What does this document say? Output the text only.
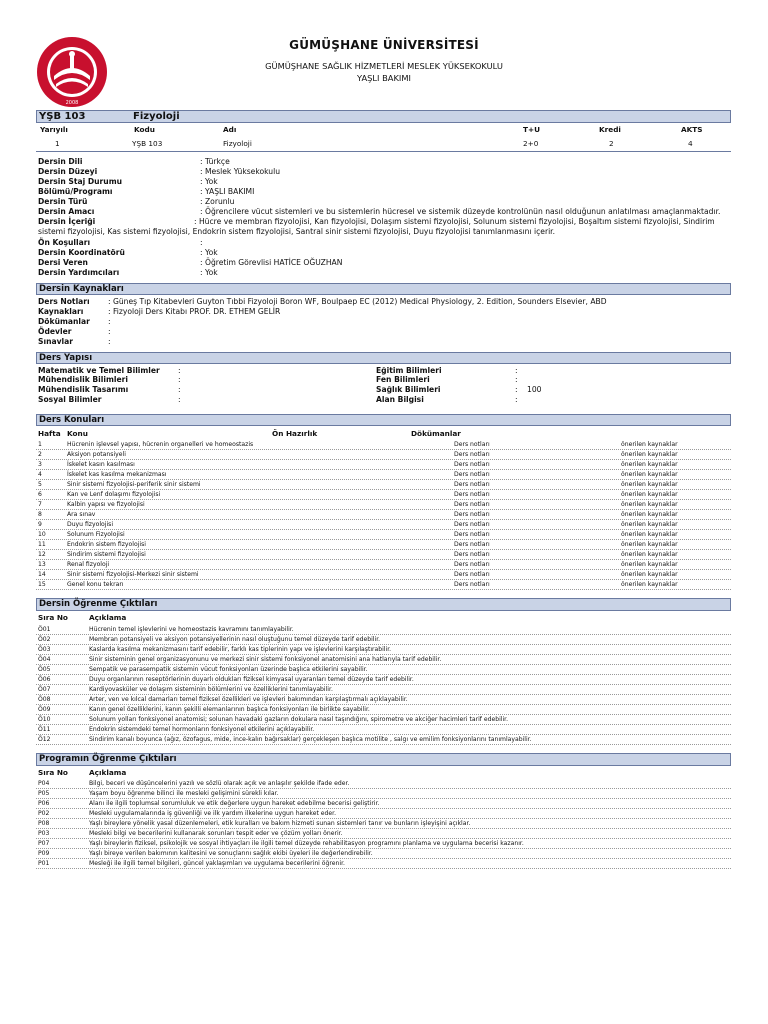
2008
GÜMÜŞHANE ÜNİVERSİTESİ
GÜMÜŞHANE SAĞLIK HİZMETLERİ MESLEK YÜKSEKOKULU
YAŞLI BAKIMI
YŞB 103	Fizyoloji
Yarıyılı	Kodu	Adı	T+U	Kredi	AKTS
1	YŞB 103	Fizyoloji	2+0	2	4
Dersin Dili	: Türkçe
Dersin Düzeyi	: Meslek Yüksekokulu
Dersin Staj Durumu	: Yok
Bölümü/Programı	: YAŞLI BAKIMI
Dersin Türü	: Zorunlu
Dersin Amacı	: Öğrencilere vücut sistemleri ve bu sistemlerin hücresel ve sistemik düzeyde kontrolünün nasıl olduğunun anlatılması amaçlanmaktadır.
Dersin İçeriği	: Hücre ve membran fizyolojisi, Kan fizyolojisi, Dolaşım sistemi fizyolojisi, Solunum sistemi fizyolojisi, Boşaltım sistemi fizyolojisi, Sindirim
sistemi fizyolojisi, Kas sistemi fizyolojisi, Endokrin sistem fizyolojisi, Santral sinir sistemi fizyolojisi, Duyu fizyolojisi tanımlanmasını içerir.
Ön Koşulları	:
Dersin Koordinatörü	: Yok
Dersi Veren	: Öğretim Görevlisi HATİCE OĞUZHAN
Dersin Yardımcıları	: Yok
Dersin Kaynakları
Ders Notları : Güneş Tıp Kitabevleri Guyton Tıbbi Fizyoloji Boron WF, Boulpaep EC (2012) Medical Physiology, 2. Edition, Sounders Elsevier, ABD
Kaynakları	: Fizyoloji Ders Kitabı PROF. DR. ETHEM GELİR
Dökümanlar :
Ödevler	:
Sınavlar	:
Ders Yapısı
Matematik ve Temel Bilimler :
Mühendislik Bilimleri	:
Mühendislik Tasarımı	:
Sosyal Bilimler	:
Eğitim Bilimleri	:
Fen Bilimleri	:
Sağlık Bilimleri	: 100
Alan Bilgisi	:
Ders Konuları
Hafta Konu	Ön Hazırlık	Dökümanlar
1	Hücrenin işlevsel yapısı, hücrenin organelleri ve homeostazis	Ders notları	önerilen kaynaklar
2	Aksiyon potansiyeli	Ders notları	önerilen kaynaklar
3	İskelet kasın kasılması	Ders notları	önerilen kaynaklar
4	İskelet kas kasılma mekanizması	Ders notları	önerilen kaynaklar
5	Sinir sistemi fizyolojisi-periferik sinir sistemi	Ders notları	önerilen kaynaklar
6	Kan ve Lenf dolaşımı fizyolojisi	Ders notları	önerilen kaynaklar
7	Kalbin yapısı ve fizyolojisi	Ders notları	önerilen kaynaklar
8	Ara sınav	Ders notları	önerilen kaynaklar
9	Duyu fizyolojisi	Ders notları	önerilen kaynaklar
10	Solunum Fizyolojisi	Ders notları	önerilen kaynaklar
11	Endokrin sistem fizyolojisi	Ders notları	önerilen kaynaklar
12	Sindirim sistemi fizyolojisi	Ders notları	önerilen kaynaklar
13	Renal fizyoloji	Ders notları	önerilen kaynaklar
14	Sinir sistemi fizyolojisi-Merkezi sinir sistemi	Ders notları	önerilen kaynaklar
15	Genel konu tekrarı	Ders notları	önerilen kaynaklar
Dersin Öğrenme Çıktıları
Sıra No	Açıklama
Ö01	Hücrenin temel işlevlerini ve homeostazis kavramını tanımlayabilir.
Ö02	Membran potansiyeli ve aksiyon potansiyellerinin nasıl oluştuğunu temel düzeyde tarif edebilir.
Ö03	Kaslarda kasılma mekanizmasını tarif edebilir, farklı kas tiplerinin yapı ve işlevlerini karşılaştırabilir.
Ö04	Sinir sisteminin genel organizasyonunu ve merkezi sinir sistemi fonksiyonel anatomisini ana hatlarıyla tarif edebilir.
Ö05	Sempatik ve parasempatik sistemin vücut fonksiyonları üzerinde başlıca etkilerini sayabilir.
Ö06	Duyu organlarının reseptörlerinin duyarlı oldukları fiziksel kimyasal uyaranları temel düzeyde tarif edebilir.
Ö07	Kardiyovasküler ve dolaşım sisteminin bölümlerini ve özelliklerini tanımlayabilir.
Ö08	Arter, ven ve kılcal damarları temel fiziksel özellikleri ve işlevleri bakımından karşılaştırmalı açıklayabilir.
Ö09	Kanın genel özelliklerini, kanın şekilli elemanlarının başlıca fonksiyonları ile birlikte sayabilir.
Ö10	Solunum yolları fonksiyonel anatomisi; solunan havadaki gazların dokulara nasıl taşındığını, spirometre ve akciğer hacimleri tarif edebilir.
Ö11	Endokrin sistemdeki temel hormonların fonksiyonel etkilerini açıklayabilir.
Ö12	Sindirim kanalı boyunca (ağız, özofagus, mide, ince-kalın bağırsaklar) gerçekleşen başlıca motilite , salgı ve emilim fonksiyonlarını tanımlayabilir.
Programın Öğrenme Çıktıları
Sıra No	Açıklama
P04	Bilgi, beceri ve düşüncelerini yazılı ve sözlü olarak açık ve anlaşılır şekilde ifade eder.
P05	Yaşam boyu öğrenme bilinci ile mesleki gelişimini sürekli kılar.
P06	Alanı ile ilgili toplumsal sorumluluk ve etik değerlere uygun hareket edebilme becerisi geliştirir.
P02	Mesleki uygulamalarında iş güvenliği ve ilk yardım ilkelerine uygun hareket eder.
P08	Yaşlı bireylere yönelik yasal düzenlemeleri, etik kuralları ve bakım hizmeti sunan sistemleri tanır ve bunların işleyişini açıklar.
P03	Mesleki bilgi ve becerilerini kullanarak sorunları tespit eder ve çözüm yolları önerir.
P07	Yaşlı bireylerin fiziksel, psikolojik ve sosyal ihtiyaçları ile ilgili temel düzeyde rehabilitasyon programını planlama ve uygulama becerisi kazanır.
P09	Yaşlı bireye verilen bakımının kalitesini ve sonuçlarını sağlık ekibi üyeleri ile değerlendirebilir.
P01	Mesleği ile ilgili temel bilgileri, güncel yaklaşımları ve uygulama becerilerini öğrenir.
